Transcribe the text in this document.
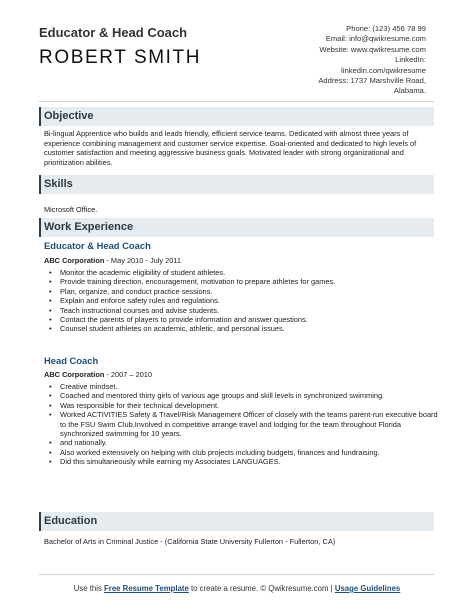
Educator & Head Coach
ROBERT SMITH
Phone: (123) 456 78 99
Email: info@qwikresume.com
Website: www.qwikresume.com
LinkedIn:
linkedin.com/qwikresume
Address: 1737 Marshville Road,
Alabama.
Objective
Bi-lingual Apprentice who builds and leads friendly, efficient service teams. Dedicated with almost three years of experience combining management and customer service expertise. Goal-oriented and dedicated to high levels of customer satisfaction and meeting aggressive business goals. Motivated leader with strong organizational and prioritization abilities.
Skills
Microsoft Office.
Work Experience
Educator & Head Coach
ABC Corporation - May 2010 - July 2011
• Monitor the academic eligibility of student athletes.
• Provide training direction, encouragement, motivation to prepare athletes for games.
• Plan, organize, and conduct practice sessions.
• Explain and enforce safety rules and regulations.
• Teach instructional courses and advise students.
• Contact the parents of players to provide information and answer questions.
• Counsel student athletes on academic, athletic, and personal issues.
Head Coach
ABC Corporation - 2007 – 2010
• Creative mindset.
• Coached and mentored thirty girls of various age groups and skill levels in synchronized swimming.
• Was responsible for their technical development.
• Worked ACTIVITIES Safety & Travel/Risk Management Officer of closely with the teams parent-run executive board to the FSU Swim Club.Involved in competitive arrange travel and lodging for the team throughout Florida synchronized swimming for 10 years.
• and nationally.
• Also worked extensively on helping with club projects including budgets, finances and fundraising.
• Did this simultaneously while earning my Associates LANGUAGES.
Education
Bachelor of Arts in Criminal Justice - (California State University Fullerton - Fullerton, CA)
Use this Free Resume Template to create a resume. © Qwikresume.com | Usage Guidelines
